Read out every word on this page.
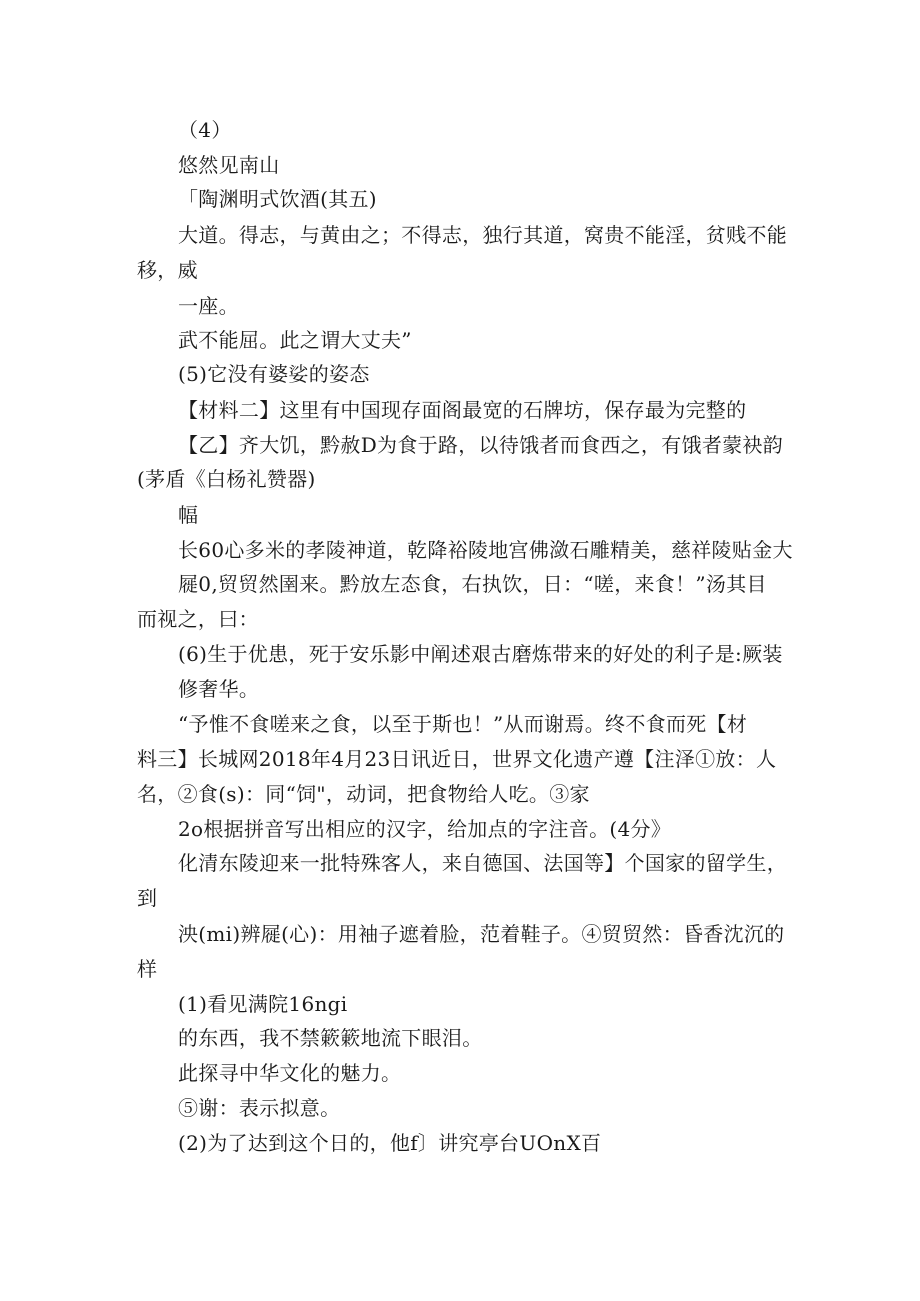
（4）
悠然见南山
「陶渊明式饮酒(其五)
大道。得志，与黄由之；不得志，独行其道，窝贵不能淫，贫贱不能
移，威
一座。
武不能屈。此之谓大丈夫”
(5)它没有婆娑的姿态
【材料二】这里有中国现存面阁最宽的石牌坊，保存最为完整的
【乙】齐大饥，黔赦D为食于路，以待饿者而食西之，有饿者蒙袂韵
(茅盾《白杨礼赞器)
幅
长60心多米的孝陵神道，乾降裕陵地宫佛潋石雕精美，慈祥陵贴金大
屣0,贸贸然圉来。黔放左态食，右执饮，日：“嗟，来食！”汤其目
而视之，曰：
(6)生于优患，死于安乐影中阐述艰古磨炼带来的好处的利子是:厥装
修奢华。
“予惟不食嗟来之食，以至于斯也！”从而谢焉。终不食而死【材
料三】长城网2018年4月23日讯近日，世界文化遗产遵【注泽①放：人
名，②食(s)：同“饲"，动词，把食物给人吃。③家
2o根据拼音写出相应的汉字，给加点的字注音。(4分》
化清东陵迎来一批特殊客人，来自德国、法国等】个国家的留学生，
到
泱(mi)辨屣(心)：用袖子遮着脸，范着鞋子。④贸贸然：昏香沈沉的
样
(1)看见满院16ngi
的东西，我不禁簌簌地流下眼泪。
此探寻中华文化的魅力。
⑤谢：表示拟意。
(2)为了达到这个日的，他f〕讲究亭台UOnX百
